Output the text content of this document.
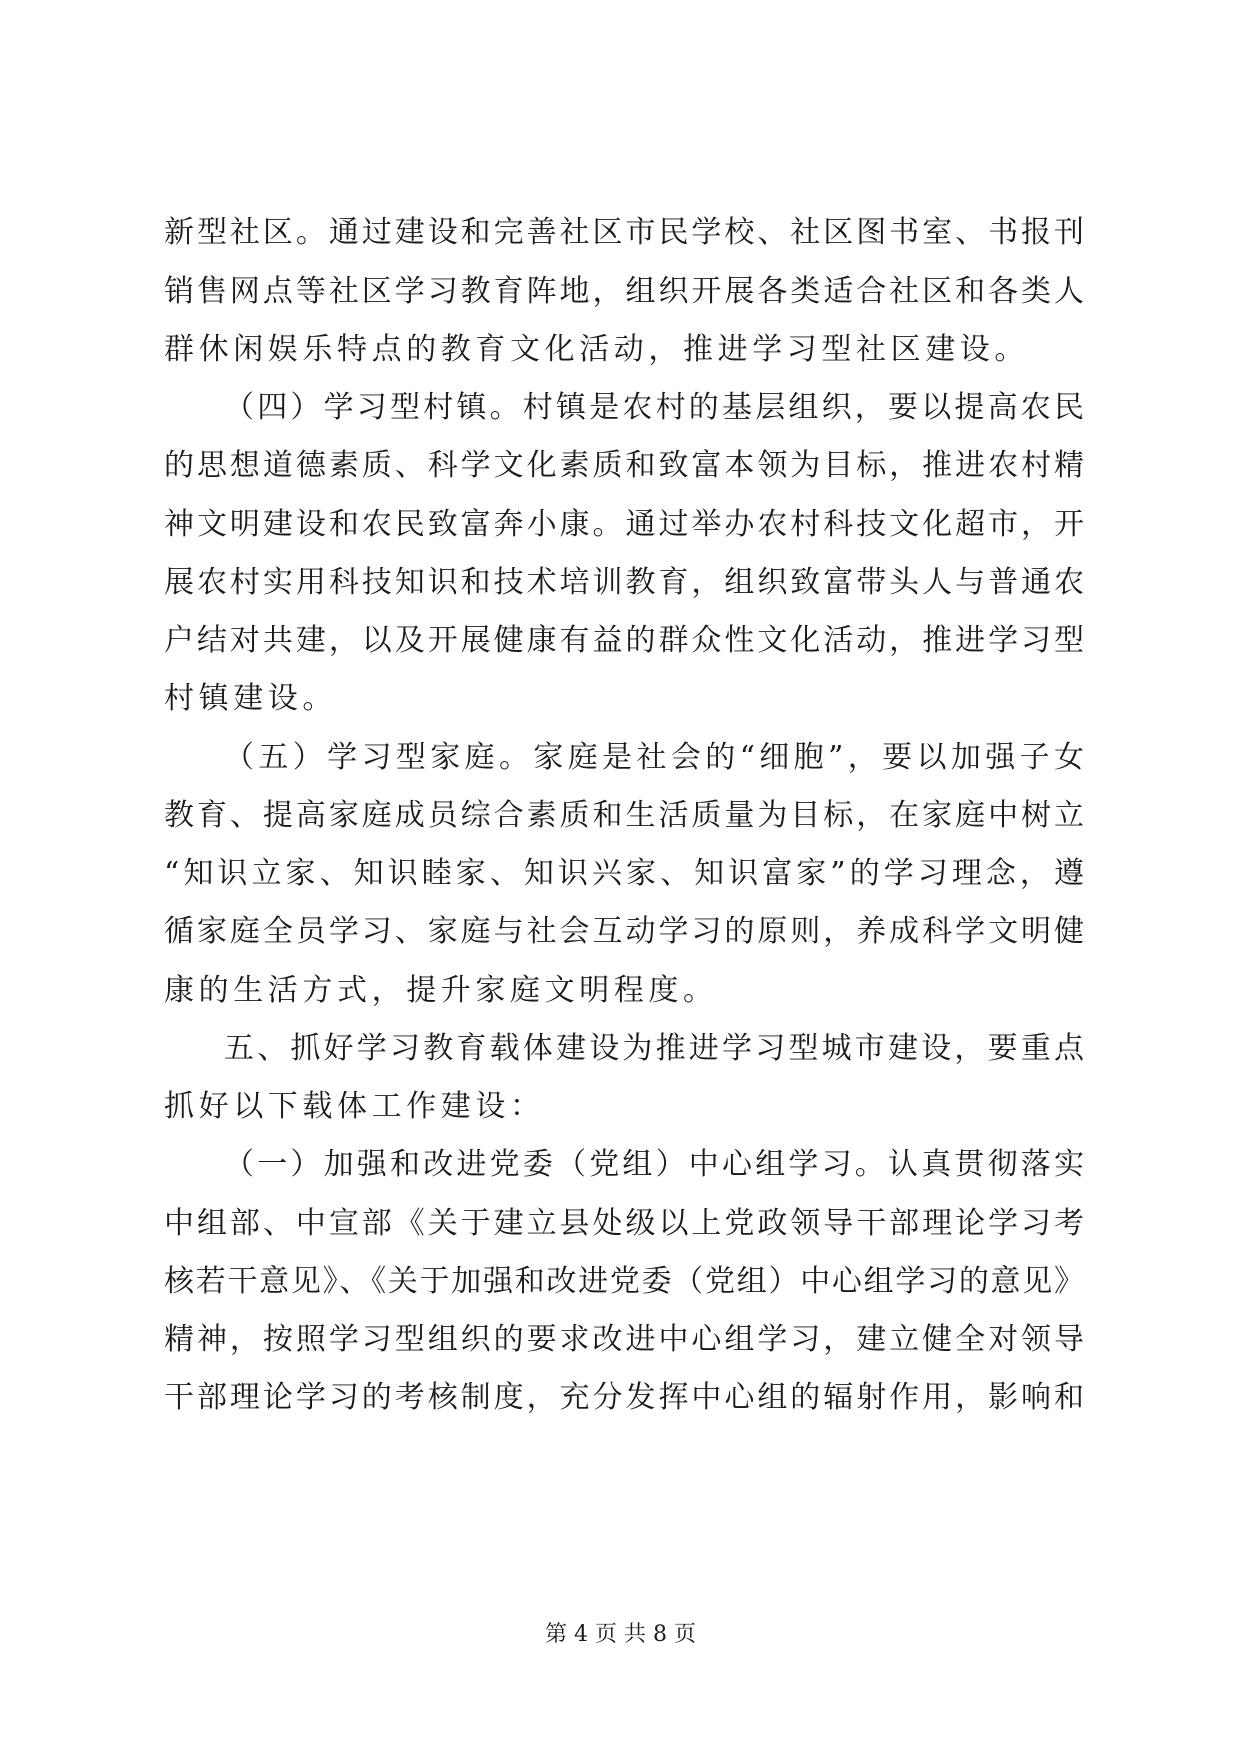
新型社区。通过建设和完善社区市民学校、社区图书室、书报刊
销售网点等社区学习教育阵地，组织开展各类适合社区和各类人
群休闲娱乐特点的教育文化活动，推进学习型社区建设。
（四）学习型村镇。村镇是农村的基层组织，要以提高农民
的思想道德素质、科学文化素质和致富本领为目标，推进农村精
神文明建设和农民致富奔小康。通过举办农村科技文化超市，开
展农村实用科技知识和技术培训教育，组织致富带头人与普通农
户结对共建，以及开展健康有益的群众性文化活动，推进学习型
村镇建设。
（五）学习型家庭。家庭是社会的“细胞”，要以加强子女
教育、提高家庭成员综合素质和生活质量为目标，在家庭中树立
“知识立家、知识睦家、知识兴家、知识富家”的学习理念，遵
循家庭全员学习、家庭与社会互动学习的原则，养成科学文明健
康的生活方式，提升家庭文明程度。
五、抓好学习教育载体建设为推进学习型城市建设，要重点
抓好以下载体工作建设：
（一）加强和改进党委（党组）中心组学习。认真贯彻落实
中组部、中宣部《关于建立县处级以上党政领导干部理论学习考
核若干意见》、《关于加强和改进党委（党组）中心组学习的意见》
精神，按照学习型组织的要求改进中心组学习，建立健全对领导
干部理论学习的考核制度，充分发挥中心组的辐射作用，影响和
第 4 页 共 8 页
